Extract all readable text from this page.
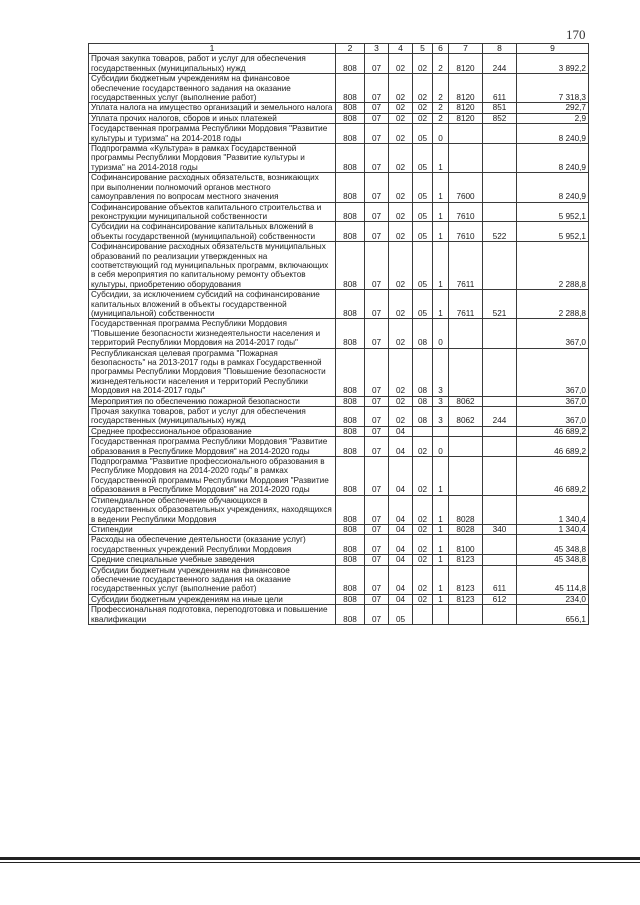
170
1	2	3	4	5	6	7	8	9
Прочая закупка товаров, работ и услуг для обеспечения государственных (муниципальных) нужд	808	07	02	02	2	8120	244	3 892,2
Субсидии бюджетным учреждениям на финансовое обеспечение государственного задания на оказание государственных услуг (выполнение работ)	808	07	02	02	2	8120	611	7 318,3
Уплата налога на имущество организаций и земельного налога	808	07	02	02	2	8120	851	292,7
Уплата прочих налогов, сборов и иных платежей	808	07	02	02	2	8120	852	2,9
Государственная программа Республики Мордовия "Развитие культуры и туризма" на 2014-2018 годы	808	07	02	05	0			8 240,9
Подпрограмма «Культура» в рамках Государственной программы Республики Мордовия "Развитие культуры и туризма" на 2014-2018 годы	808	07	02	05	1			8 240,9
Софинансирование расходных обязательств, возникающих при выполнении полномочий органов местного самоуправления по вопросам местного значения	808	07	02	05	1	7600		8 240,9
Софинансирование объектов капитального строительства и реконструкции муниципальной собственности	808	07	02	05	1	7610		5 952,1
Субсидии на софинансирование капитальных вложений в объекты государственной (муниципальной) собственности	808	07	02	05	1	7610	522	5 952,1
Софинансирование расходных обязательств муниципальных образований по реализации утвержденных на соответствующий год муниципальных программ, включающих в себя мероприятия по капитальному ремонту объектов культуры, приобретению оборудования	808	07	02	05	1	7611		2 288,8
Субсидии, за исключением субсидий на софинансирование капитальных вложений в объекты государственной (муниципальной) собственности	808	07	02	05	1	7611	521	2 288,8
Государственная программа Республики Мордовия "Повышение безопасности жизнедеятельности населения и территорий Республики Мордовия на 2014-2017 годы"	808	07	02	08	0			367,0
Республиканская целевая программа "Пожарная безопасность" на 2013-2017 годы в рамках Государственной программы Республики Мордовия "Повышение безопасности жизнедеятельности населения и территорий Республики Мордовия на 2014-2017 годы"	808	07	02	08	3			367,0
Мероприятия по обеспечению пожарной безопасности	808	07	02	08	3	8062		367,0
Прочая закупка товаров, работ и услуг для обеспечения государственных (муниципальных) нужд	808	07	02	08	3	8062	244	367,0
Среднее профессиональное образование	808	07	04					46 689,2
Государственная программа Республики Мордовия "Развитие образования в Республике Мордовия" на 2014-2020 годы	808	07	04	02	0			46 689,2
Подпрограмма "Развитие профессионального образования в Республике Мордовия на 2014-2020 годы" в рамках Государственной программы Республики Мордовия "Развитие образования в Республике Мордовия" на 2014-2020 годы	808	07	04	02	1			46 689,2
Стипендиальное обеспечение обучающихся в государственных образовательных учреждениях, находящихся в ведении Республики Мордовия	808	07	04	02	1	8028		1 340,4
Стипендии	808	07	04	02	1	8028	340	1 340,4
Расходы на обеспечение деятельности (оказание услуг) государственных учреждений Республики Мордовия	808	07	04	02	1	8100		45 348,8
Средние специальные учебные заведения	808	07	04	02	1	8123		45 348,8
Субсидии бюджетным учреждениям на финансовое обеспечение государственного задания на оказание государственных услуг (выполнение работ)	808	07	04	02	1	8123	611	45 114,8
Субсидии бюджетным учреждениям на иные цели	808	07	04	02	1	8123	612	234,0
Профессиональная подготовка, переподготовка и повышение квалификации	808	07	05					656,1
